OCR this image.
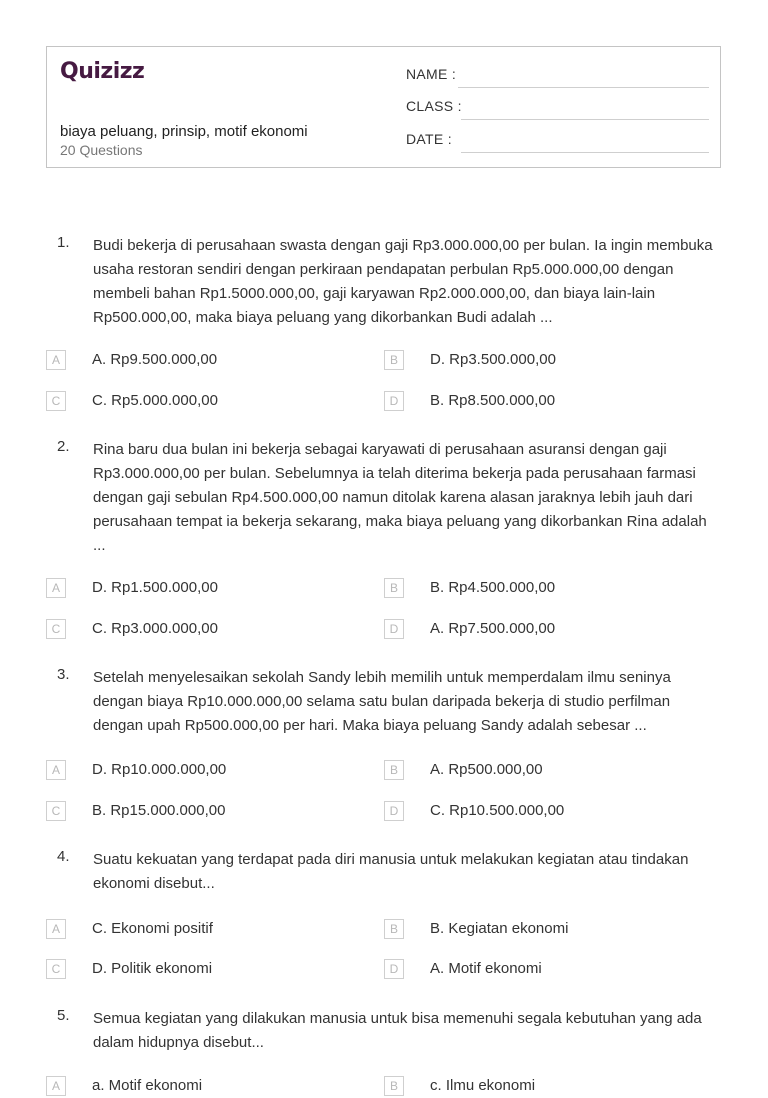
Quizizz
biaya peluang, prinsip, motif ekonomi
20 Questions
NAME :
CLASS :
DATE :
1. Budi bekerja di perusahaan swasta dengan gaji Rp3.000.000,00 per bulan. Ia ingin membuka usaha restoran sendiri dengan perkiraan pendapatan perbulan Rp5.000.000,00 dengan membeli bahan Rp1.5000.000,00, gaji karyawan Rp2.000.000,00, dan biaya lain-lain Rp500.000,00, maka biaya peluang yang dikorbankan Budi adalah ...

A	A. Rp9.500.000,00	B	D. Rp3.500.000,00
C	C. Rp5.000.000,00	D	B. Rp8.500.000,00
2. Rina baru dua bulan ini bekerja sebagai karyawati di perusahaan asuransi dengan gaji Rp3.000.000,00 per bulan. Sebelumnya ia telah diterima bekerja pada perusahaan farmasi dengan gaji sebulan Rp4.500.000,00 namun ditolak karena alasan jaraknya lebih jauh dari perusahaan tempat ia bekerja sekarang, maka biaya peluang yang dikorbankan Rina adalah ...

A	D. Rp1.500.000,00	B	B. Rp4.500.000,00
C	C. Rp3.000.000,00	D	A. Rp7.500.000,00
3. Setelah menyelesaikan sekolah Sandy lebih memilih untuk memperdalam ilmu seninya dengan biaya Rp10.000.000,00 selama satu bulan daripada bekerja di studio perfilman dengan upah Rp500.000,00 per hari. Maka biaya peluang Sandy adalah sebesar ...

A	D. Rp10.000.000,00	B	A. Rp500.000,00
C	B. Rp15.000.000,00	D	C. Rp10.500.000,00
4. Suatu kekuatan yang terdapat pada diri manusia untuk melakukan kegiatan atau tindakan ekonomi disebut...

A	C. Ekonomi positif	B	B. Kegiatan ekonomi
C	D. Politik ekonomi	D	A. Motif ekonomi
5. Semua kegiatan yang dilakukan manusia untuk bisa memenuhi segala kebutuhan yang ada dalam hidupnya disebut...

A	a. Motif ekonomi	B	c. Ilmu ekonomi
